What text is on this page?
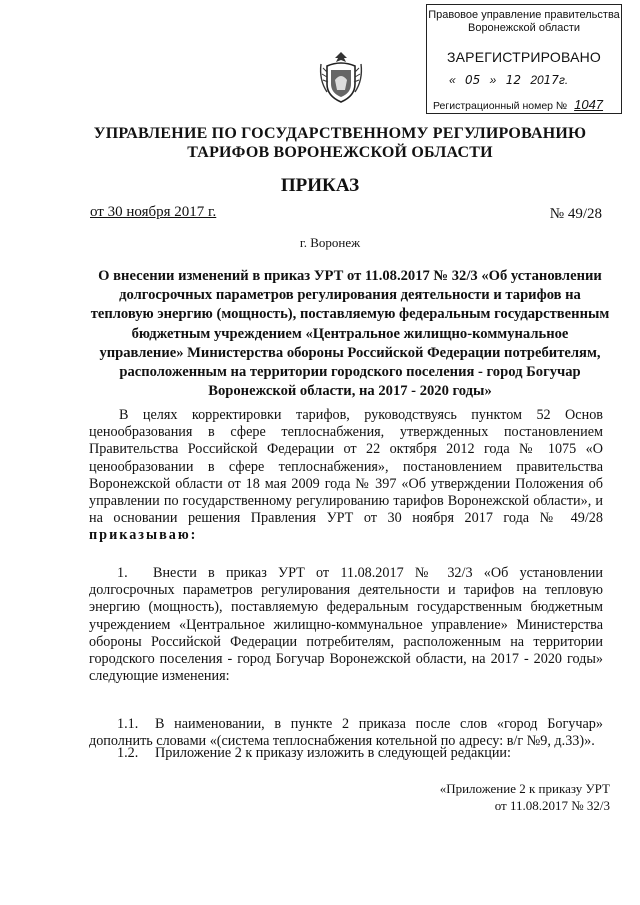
Правовое управление правительства
Воронежской области
ЗАРЕГИСТРИРОВАНО
« 05 » 12 2017г.
Регистрационный номер № 1047
УПРАВЛЕНИЕ ПО ГОСУДАРСТВЕННОМУ РЕГУЛИРОВАНИЮ
ТАРИФОВ ВОРОНЕЖСКОЙ ОБЛАСТИ
ПРИКАЗ
от 30 ноября 2017 г.	№ 49/28
г. Воронеж
О внесении изменений в приказ УРТ от 11.08.2017 № 32/3 «Об установлении долгосрочных параметров регулирования деятельности и тарифов на тепловую энергию (мощность), поставляемую федеральным государственным бюджетным учреждением «Центральное жилищно-коммунальное управление» Министерства обороны Российской Федерации потребителям, расположенным на территории городского поселения - город Богучар Воронежской области, на 2017 - 2020 годы»
В целях корректировки тарифов, руководствуясь пунктом 52 Основ ценообразования в сфере теплоснабжения, утвержденных постановлением Правительства Российской Федерации от 22 октября 2012 года № 1075 «О ценообразовании в сфере теплоснабжения», постановлением правительства Воронежской области от 18 мая 2009 года № 397 «Об утверждении Положения об управлении по государственному регулированию тарифов Воронежской области», и на основании решения Правления УРТ от 30 ноября 2017 года № 49/28 приказываю:
1. Внести в приказ УРТ от 11.08.2017 № 32/3 «Об установлении долгосрочных параметров регулирования деятельности и тарифов на тепловую энергию (мощность), поставляемую федеральным государственным бюджетным учреждением «Центральное жилищно-коммунальное управление» Министерства обороны Российской Федерации потребителям, расположенным на территории городского поселения - город Богучар Воронежской области, на 2017 - 2020 годы» следующие изменения:
1.1. В наименовании, в пункте 2 приказа после слов «город Богучар» дополнить словами «(система теплоснабжения котельной по адресу: в/г №9, д.33)».
1.2. Приложение 2 к приказу изложить в следующей редакции:
«Приложение 2 к приказу УРТ
от 11.08.2017 № 32/3
